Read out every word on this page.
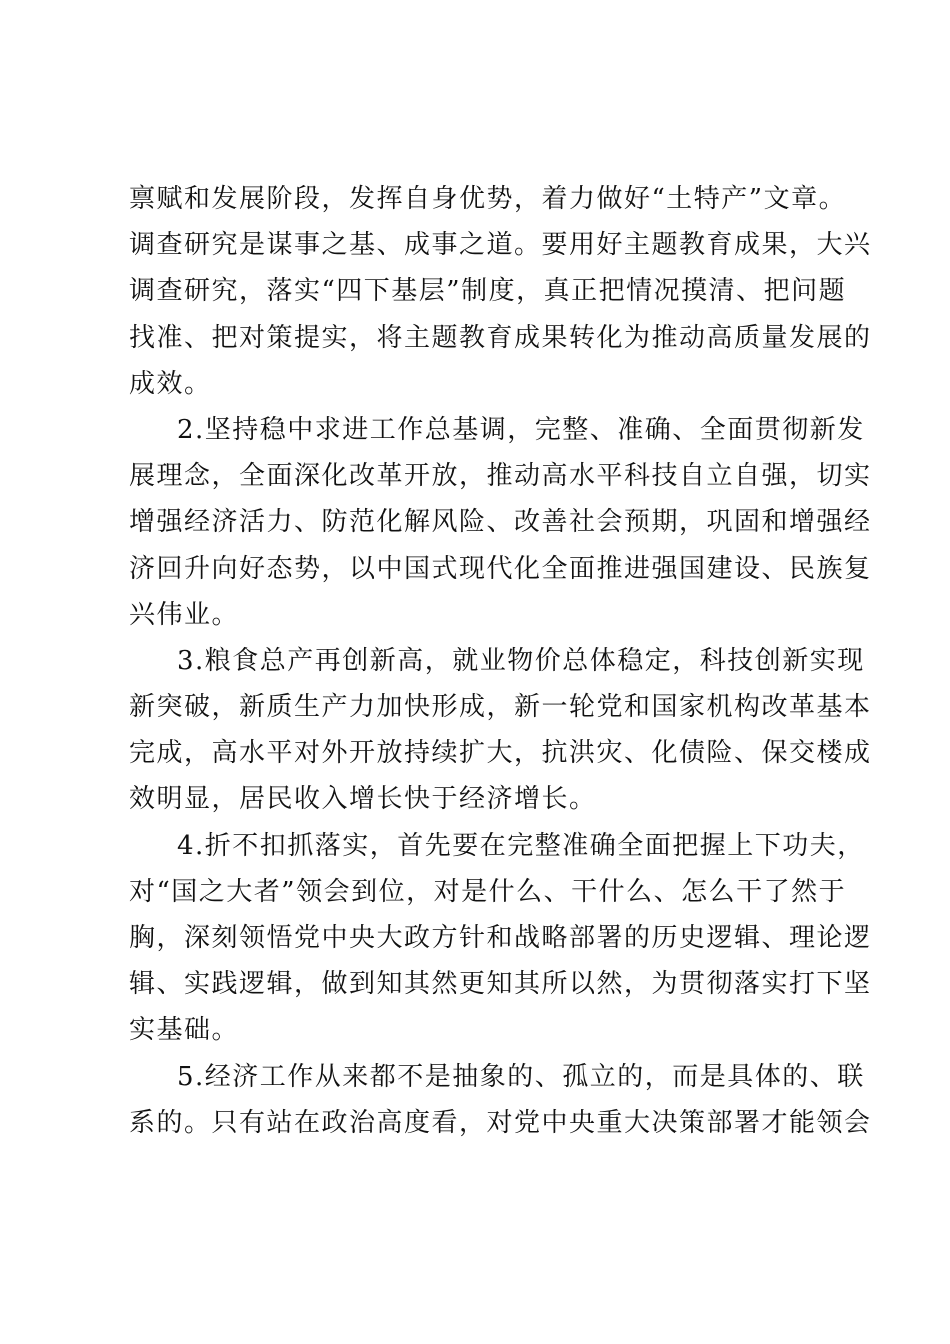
禀赋和发展阶段，发挥自身优势，着力做好“土特产”文章。
调查研究是谋事之基、成事之道。要用好主题教育成果，大兴
调查研究，落实“四下基层”制度，真正把情况摸清、把问题
找准、把对策提实，将主题教育成果转化为推动高质量发展的
成效。
2.坚持稳中求进工作总基调，完整、准确、全面贯彻新发
展理念，全面深化改革开放，推动高水平科技自立自强，切实
增强经济活力、防范化解风险、改善社会预期，巩固和增强经
济回升向好态势，以中国式现代化全面推进强国建设、民族复
兴伟业。
3.粮食总产再创新高，就业物价总体稳定，科技创新实现
新突破，新质生产力加快形成，新一轮党和国家机构改革基本
完成，高水平对外开放持续扩大，抗洪灾、化债险、保交楼成
效明显，居民收入增长快于经济增长。
4.折不扣抓落实，首先要在完整准确全面把握上下功夫，
对“国之大者”领会到位，对是什么、干什么、怎么干了然于
胸，深刻领悟党中央大政方针和战略部署的历史逻辑、理论逻
辑、实践逻辑，做到知其然更知其所以然，为贯彻落实打下坚
实基础。
5.经济工作从来都不是抽象的、孤立的，而是具体的、联
系的。只有站在政治高度看，对党中央重大决策部署才能领会
